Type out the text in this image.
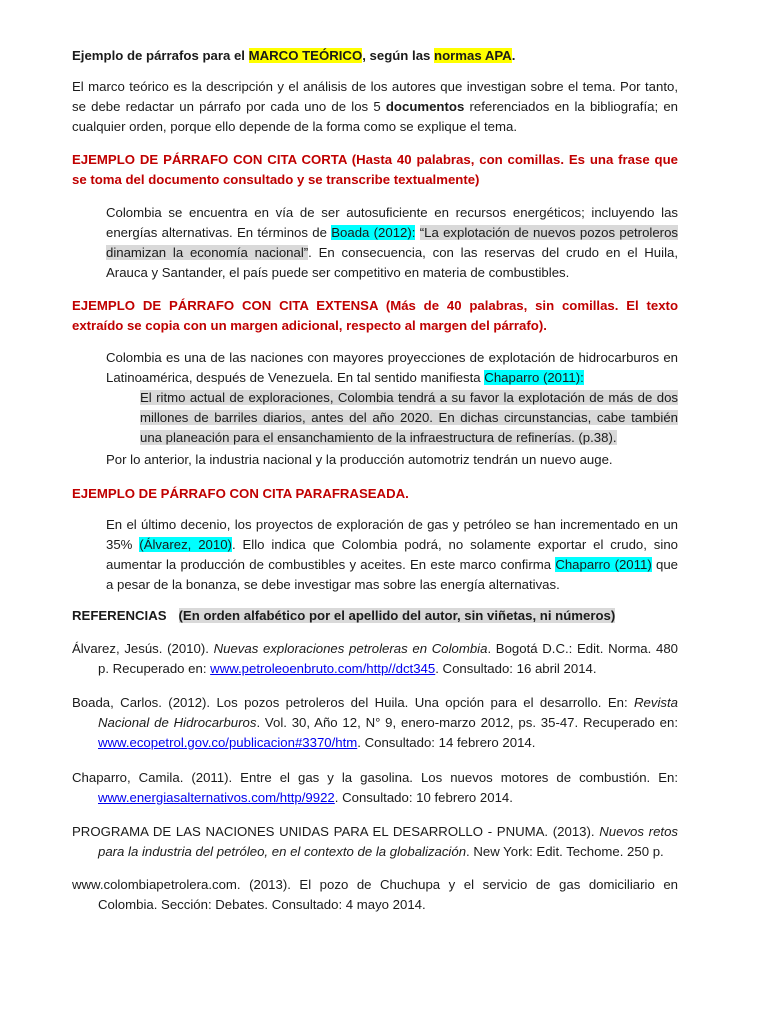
Ejemplo de párrafos para el MARCO TEÓRICO, según las normas APA.

El marco teórico es la descripción y el análisis de los autores que investigan sobre el tema. Por tanto, se debe redactar un párrafo por cada uno de los 5 documentos referenciados en la bibliografía; en cualquier orden, porque ello depende de la forma como se explique el tema.

EJEMPLO DE PÁRRAFO CON CITA CORTA (Hasta 40 palabras, con comillas. Es una frase que se toma del documento consultado y se transcribe textualmente)

Colombia se encuentra en vía de ser autosuficiente en recursos energéticos; incluyendo las energías alternativas. En términos de Boada (2012): “La explotación de nuevos pozos petroleros dinamizan la economía nacional”. En consecuencia, con las reservas del crudo en el Huila, Arauca y Santander, el país puede ser competitivo en materia de combustibles.

EJEMPLO DE PÁRRAFO CON CITA EXTENSA (Más de 40 palabras, sin comillas. El texto extraído se copia con un margen adicional, respecto al margen del párrafo).

Colombia es una de las naciones con mayores proyecciones de explotación de hidrocarburos en Latinoamérica, después de Venezuela. En tal sentido manifiesta Chaparro (2011):

El ritmo actual de exploraciones, Colombia tendrá a su favor la explotación de más de dos millones de barriles diarios, antes del año 2020. En dichas circunstancias, cabe también una planeación para el ensanchamiento de la infraestructura de refinerías. (p.38).

Por lo anterior, la industria nacional y la producción automotriz tendrán un nuevo auge.

EJEMPLO DE PÁRRAFO CON CITA PARAFRASEADA.

En el último decenio, los proyectos de exploración de gas y petróleo se han incrementado en un 35% (Álvarez, 2010). Ello indica que Colombia podrá, no solamente exportar el crudo, sino aumentar la producción de combustibles y aceites. En este marco confirma Chaparro (2011) que a pesar de la bonanza, se debe investigar mas sobre las energía alternativas.

REFERENCIAS (En orden alfabético por el apellido del autor, sin viñetas, ni números)

Álvarez, Jesús. (2010). Nuevas exploraciones petroleras en Colombia. Bogotá D.C.: Edit. Norma. 480 p. Recuperado en: www.petroleoenbruto.com/http//dct345. Consultado: 16 abril 2014.

Boada, Carlos. (2012). Los pozos petroleros del Huila. Una opción para el desarrollo. En: Revista Nacional de Hidrocarburos. Vol. 30, Año 12, N° 9, enero-marzo 2012, ps. 35-47. Recuperado en: www.ecopetrol.gov.co/publicacion#3370/htm. Consultado: 14 febrero 2014.

Chaparro, Camila. (2011). Entre el gas y la gasolina. Los nuevos motores de combustión. En: www.energiasalternativos.com/http/9922. Consultado: 10 febrero 2014.

PROGRAMA DE LAS NACIONES UNIDAS PARA EL DESARROLLO - PNUMA. (2013). Nuevos retos para la industria del petróleo, en el contexto de la globalización. New York: Edit. Techome. 250 p.

www.colombiapetrolera.com. (2013). El pozo de Chuchupa y el servicio de gas domiciliario en Colombia. Sección: Debates. Consultado: 4 mayo 2014.
